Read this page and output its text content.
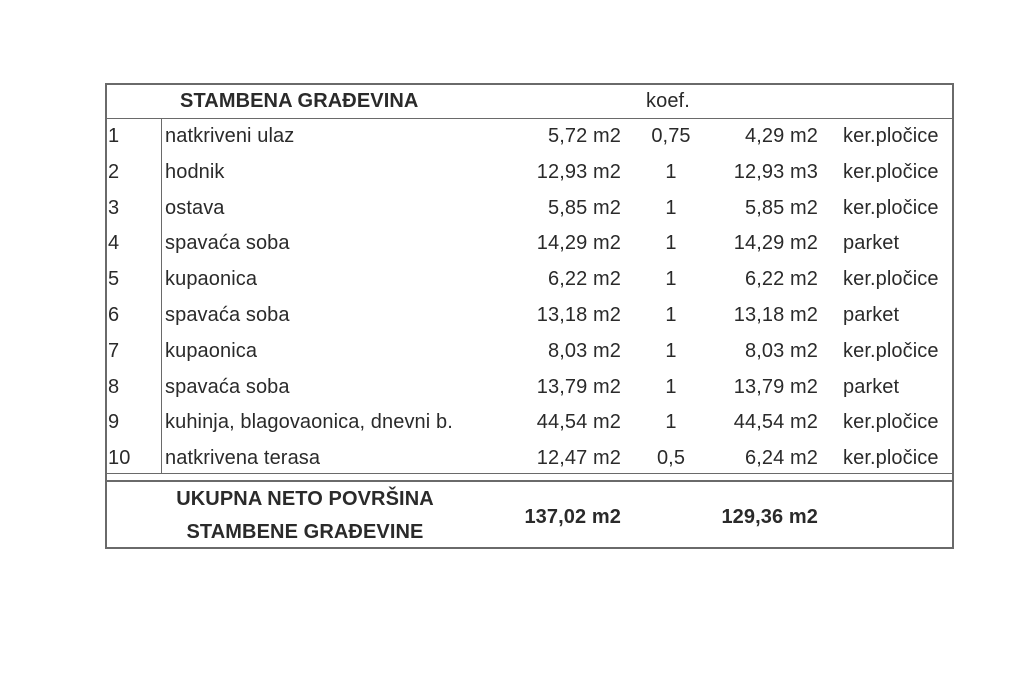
STAMBENA GRAĐEVINA	koef.
1	natkriveni ulaz	5,72 m2	0,75	4,29 m2 ker.pločice
2	hodnik	12,93 m2	1	12,93 m3 ker.pločice
3	ostava	5,85 m2	1	5,85 m2 ker.pločice
4	spavaća soba	14,29 m2	1	14,29 m2 parket
5	kupaonica	6,22 m2	1	6,22 m2 ker.pločice
6	spavaća soba	13,18 m2	1	13,18 m2 parket
7	kupaonica	8,03 m2	1	8,03 m2 ker.pločice
8	spavaća soba	13,79 m2	1	13,79 m2 parket
9	kuhinja, blagovaonica, dnevni b.	44,54 m2	1	44,54 m2 ker.pločice
10	natkrivena terasa	12,47 m2	0,5	6,24 m2 ker.pločice
UKUPNA NETO POVRŠINA
STAMBENE GRAĐEVINE
137,02 m2	129,36 m2
